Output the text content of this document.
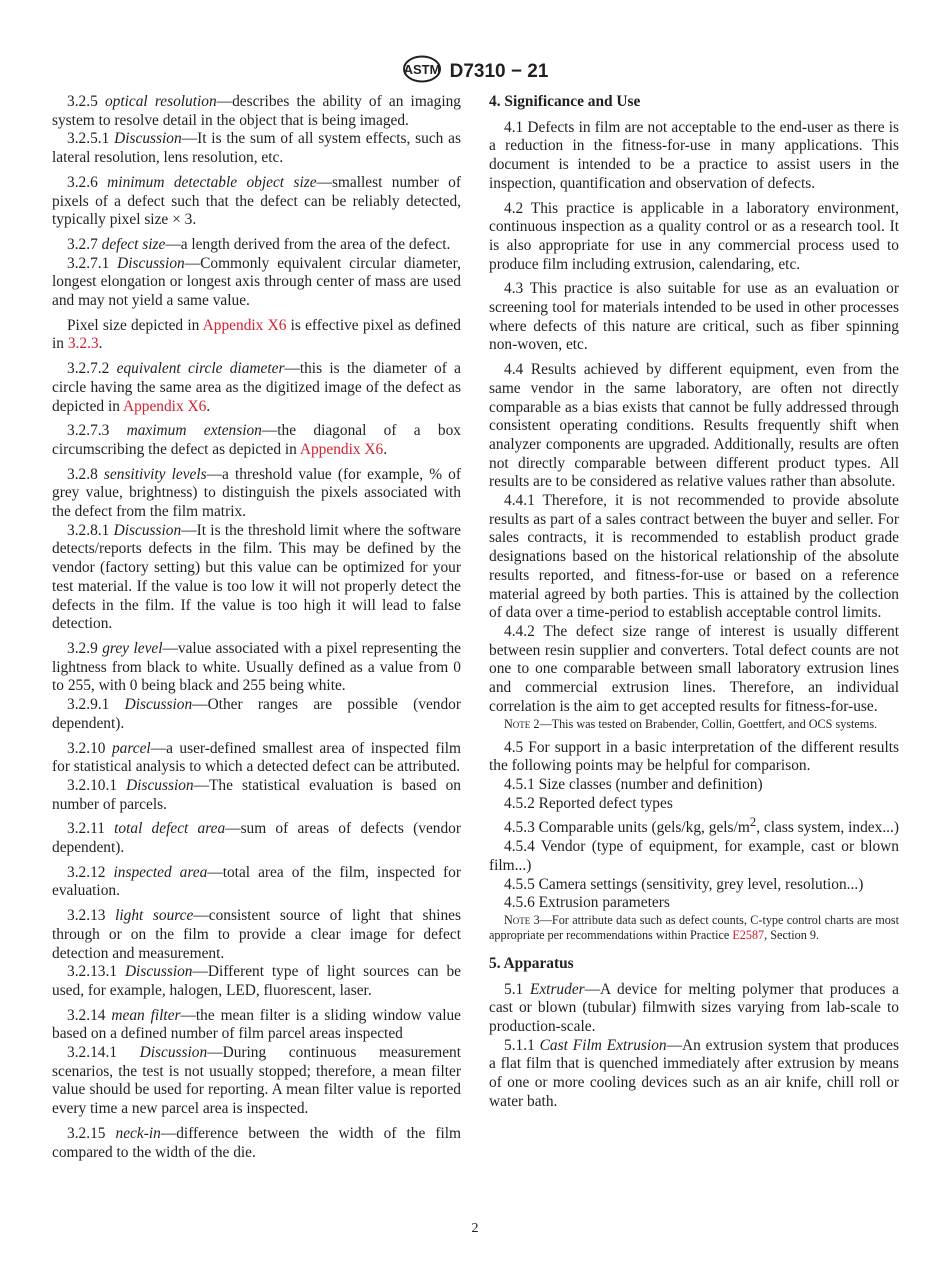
ASTM D7310 − 21

3.2.5 optical resolution—describes the ability of an imaging system to resolve detail in the object that is being imaged.

3.2.5.1 Discussion—It is the sum of all system effects, such as lateral resolution, lens resolution, etc.

3.2.6 minimum detectable object size—smallest number of pixels of a defect such that the defect can be reliably detected, typically pixel size × 3.

3.2.7 defect size—a length derived from the area of the defect.

3.2.7.1 Discussion—Commonly equivalent circular diameter, longest elongation or longest axis through center of mass are used and may not yield a same value.

Pixel size depicted in Appendix X6 is effective pixel as defined in 3.2.3.

3.2.7.2 equivalent circle diameter—this is the diameter of a circle having the same area as the digitized image of the defect as depicted in Appendix X6.

3.2.7.3 maximum extension—the diagonal of a box circumscribing the defect as depicted in Appendix X6.

3.2.8 sensitivity levels—a threshold value (for example, % of grey value, brightness) to distinguish the pixels associated with the defect from the film matrix.

3.2.8.1 Discussion—It is the threshold limit where the software detects/reports defects in the film. This may be defined by the vendor (factory setting) but this value can be optimized for your test material. If the value is too low it will not properly detect the defects in the film. If the value is too high it will lead to false detection.

3.2.9 grey level—value associated with a pixel representing the lightness from black to white. Usually defined as a value from 0 to 255, with 0 being black and 255 being white.

3.2.9.1 Discussion—Other ranges are possible (vendor dependent).

3.2.10 parcel—a user-defined smallest area of inspected film for statistical analysis to which a detected defect can be attributed.

3.2.10.1 Discussion—The statistical evaluation is based on number of parcels.

3.2.11 total defect area—sum of areas of defects (vendor dependent).

3.2.12 inspected area—total area of the film, inspected for evaluation.

3.2.13 light source—consistent source of light that shines through or on the film to provide a clear image for defect detection and measurement.

3.2.13.1 Discussion—Different type of light sources can be used, for example, halogen, LED, fluorescent, laser.

3.2.14 mean filter—the mean filter is a sliding window value based on a defined number of film parcel areas inspected

3.2.14.1 Discussion—During continuous measurement scenarios, the test is not usually stopped; therefore, a mean filter value should be used for reporting. A mean filter value is reported every time a new parcel area is inspected.

3.2.15 neck-in—difference between the width of the film compared to the width of the die.

4. Significance and Use

4.1 Defects in film are not acceptable to the end-user as there is a reduction in the fitness-for-use in many applications. This document is intended to be a practice to assist users in the inspection, quantification and observation of defects.

4.2 This practice is applicable in a laboratory environment, continuous inspection as a quality control or as a research tool. It is also appropriate for use in any commercial process used to produce film including extrusion, calendaring, etc.

4.3 This practice is also suitable for use as an evaluation or screening tool for materials intended to be used in other processes where defects of this nature are critical, such as fiber spinning non-woven, etc.

4.4 Results achieved by different equipment, even from the same vendor in the same laboratory, are often not directly comparable as a bias exists that cannot be fully addressed through consistent operating conditions. Results frequently shift when analyzer components are upgraded. Additionally, results are often not directly comparable between different product types. All results are to be considered as relative values rather than absolute.

4.4.1 Therefore, it is not recommended to provide absolute results as part of a sales contract between the buyer and seller. For sales contracts, it is recommended to establish product grade designations based on the historical relationship of the absolute results reported, and fitness-for-use or based on a reference material agreed by both parties. This is attained by the collection of data over a time-period to establish acceptable control limits.

4.4.2 The defect size range of interest is usually different between resin supplier and converters. Total defect counts are not one to one comparable between small laboratory extrusion lines and commercial extrusion lines. Therefore, an individual correlation is the aim to get accepted results for fitness-for-use.

Note 2—This was tested on Brabender, Collin, Goettfert, and OCS systems.

4.5 For support in a basic interpretation of the different results the following points may be helpful for comparison.

4.5.1 Size classes (number and definition)

4.5.2 Reported defect types

4.5.3 Comparable units (gels/kg, gels/$m^2$, class system, index...)

4.5.4 Vendor (type of equipment, for example, cast or blown film...)

4.5.5 Camera settings (sensitivity, grey level, resolution...)

4.5.6 Extrusion parameters

Note 3—For attribute data such as defect counts, C-type control charts are most appropriate per recommendations within Practice E2587, Section 9.

5. Apparatus

5.1 Extruder—A device for melting polymer that produces a cast or blown (tubular) filmwith sizes varying from lab-scale to production-scale.

5.1.1 Cast Film Extrusion—An extrusion system that produces a flat film that is quenched immediately after extrusion by means of one or more cooling devices such as an air knife, chill roll or water bath.

2
